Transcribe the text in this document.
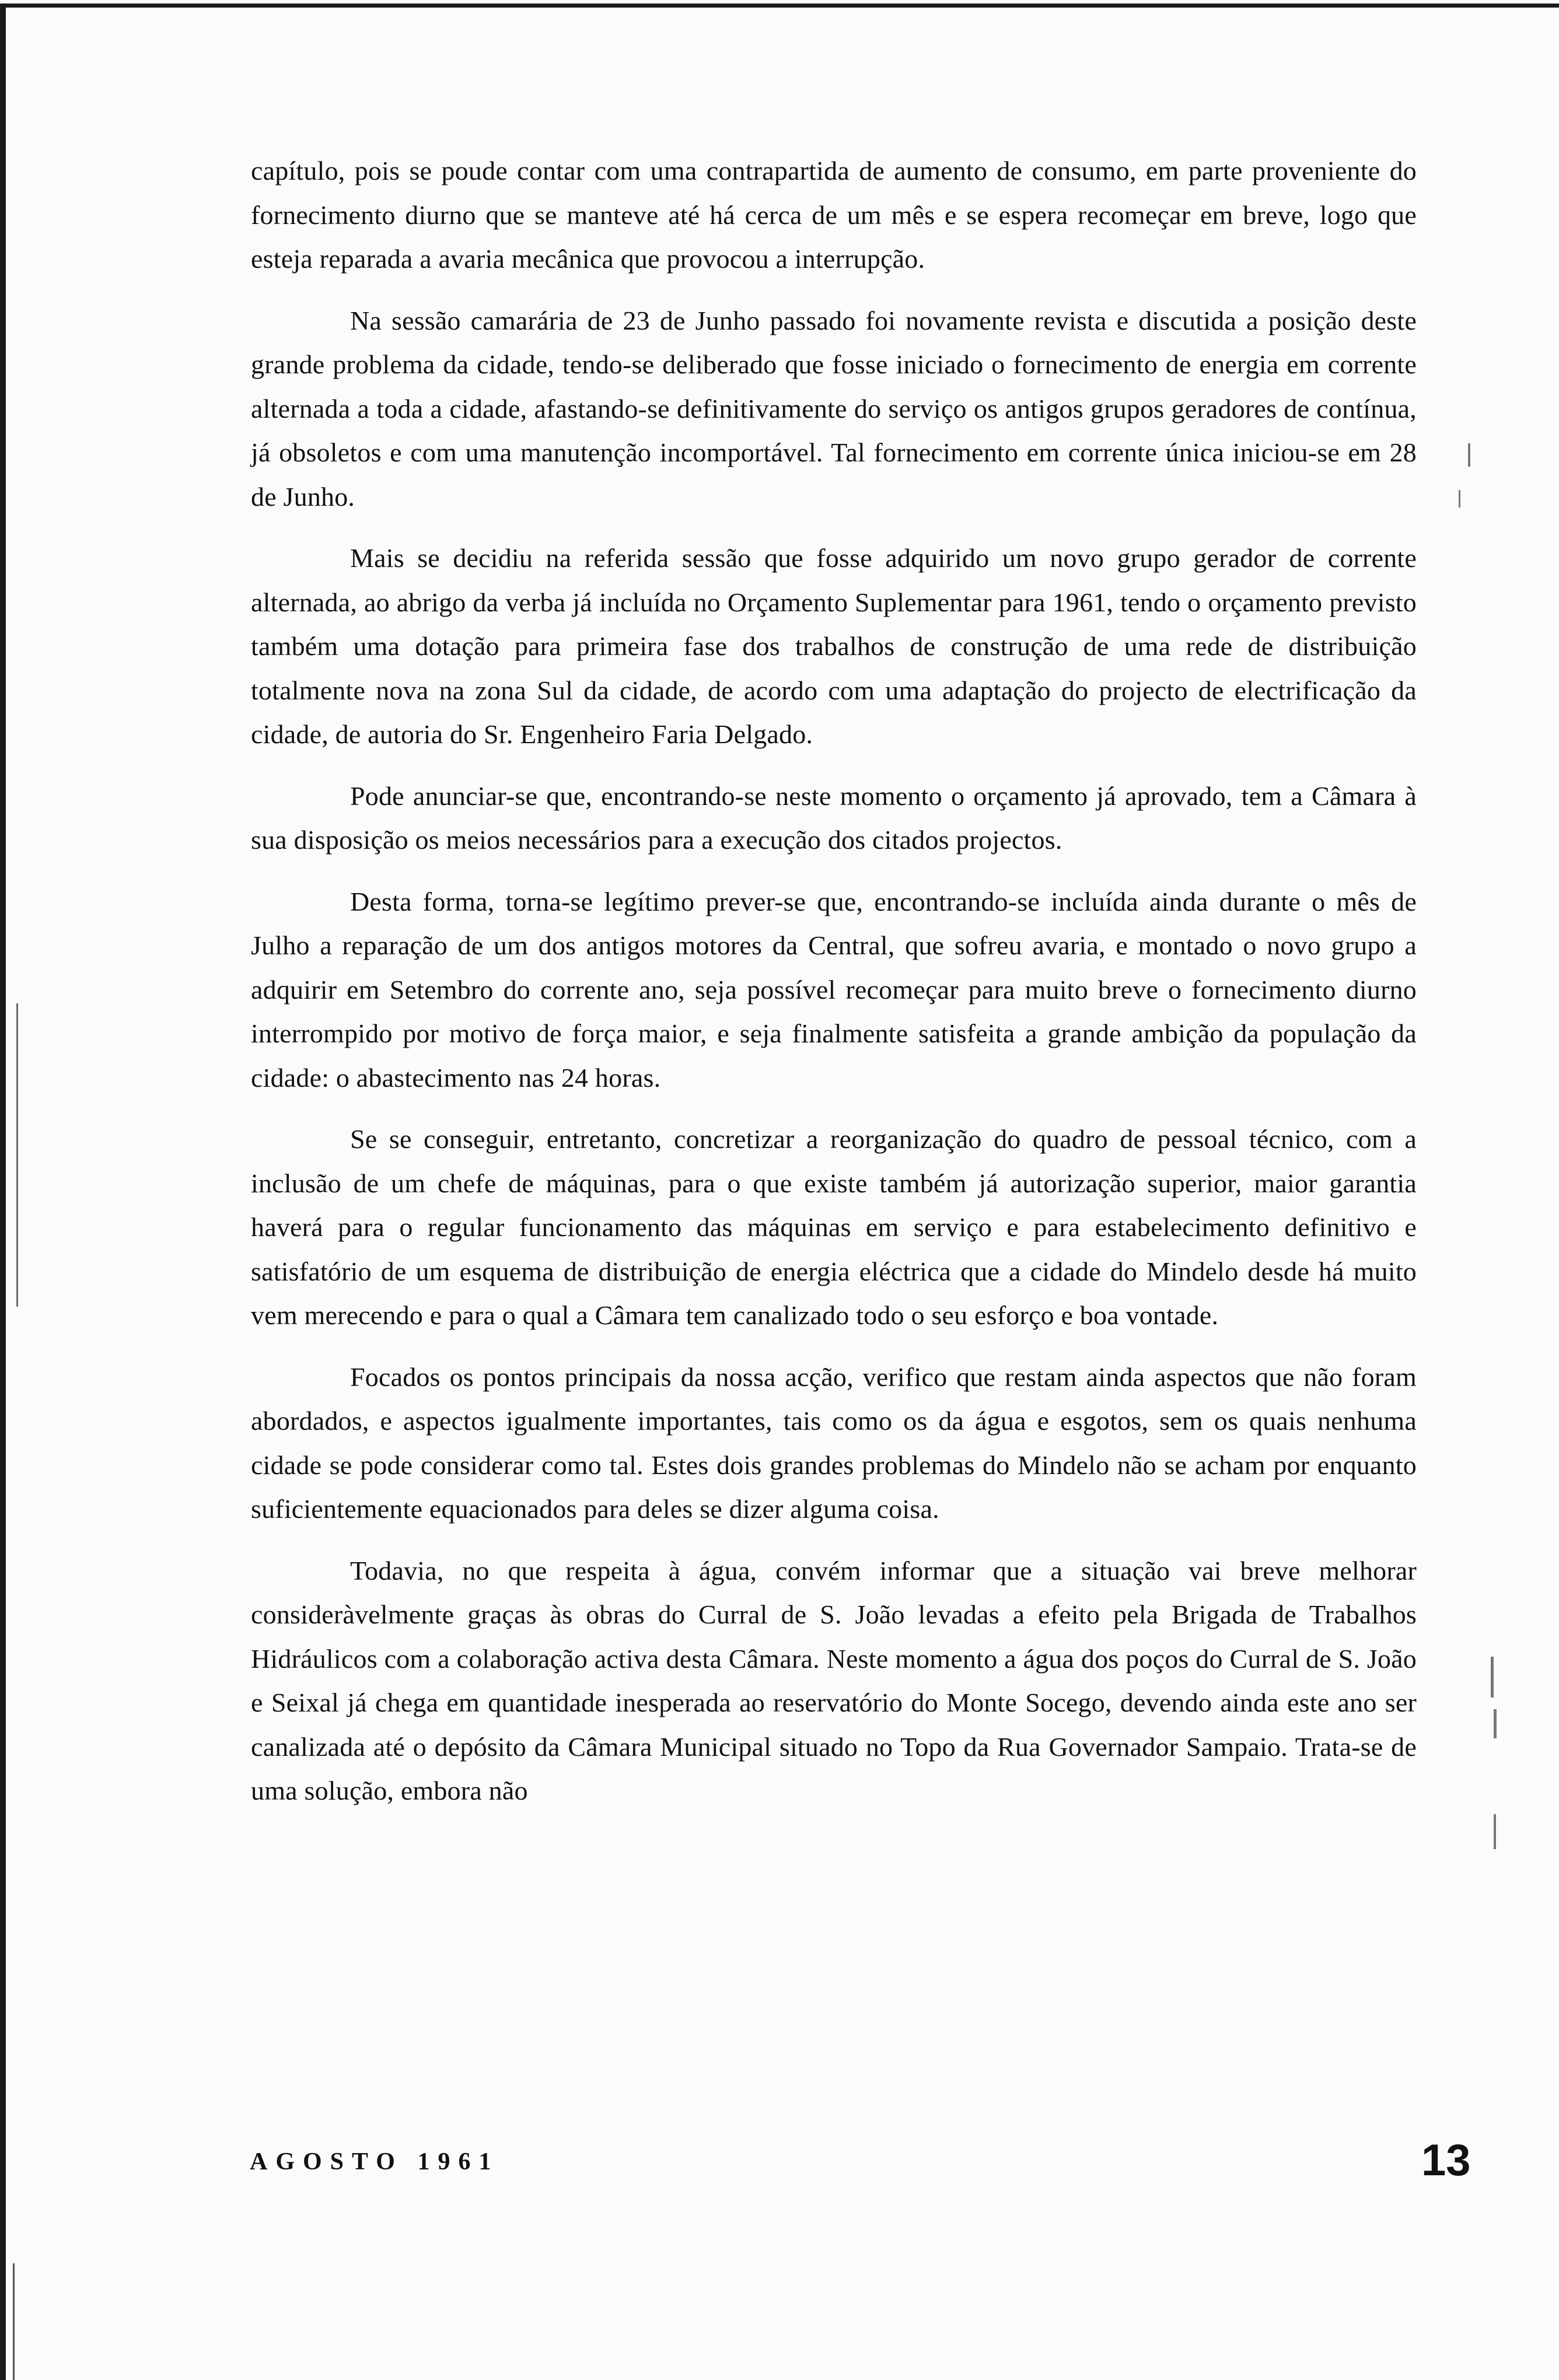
capítulo, pois se poude contar com uma contrapartida de aumento de consumo, em parte proveniente do fornecimento diurno que se manteve até há cerca de um mês e se espera recomeçar em breve, logo que esteja reparada a avaria mecânica que provocou a interrupção.

Na sessão camarária de 23 de Junho passado foi novamente revista e discutida a posição deste grande problema da cidade, tendo-se deliberado que fosse iniciado o fornecimento de energia em corrente alternada a toda a cidade, afastando-se definitivamente do serviço os antigos grupos geradores de contínua, já obsoletos e com uma manutenção incomportável. Tal fornecimento em corrente única iniciou-se em 28 de Junho.

Mais se decidiu na referida sessão que fosse adquirido um novo grupo gerador de corrente alternada, ao abrigo da verba já incluída no Orçamento Suplementar para 1961, tendo o orçamento previsto também uma dotação para primeira fase dos trabalhos de construção de uma rede de distribuição totalmente nova na zona Sul da cidade, de acordo com uma adaptação do projecto de electrificação da cidade, de autoria do Sr. Engenheiro Faria Delgado.

Pode anunciar-se que, encontrando-se neste momento o orçamento já aprovado, tem a Câmara à sua disposição os meios necessários para a execução dos citados projectos.

Desta forma, torna-se legítimo prever-se que, encontrando-se incluída ainda durante o mês de Julho a reparação de um dos antigos motores da Central, que sofreu avaria, e montado o novo grupo a adquirir em Setembro do corrente ano, seja possível recomeçar para muito breve o fornecimento diurno interrompido por motivo de força maior, e seja finalmente satisfeita a grande ambição da população da cidade: o abastecimento nas 24 horas.

Se se conseguir, entretanto, concretizar a reorganização do quadro de pessoal técnico, com a inclusão de um chefe de máquinas, para o que existe também já autorização superior, maior garantia haverá para o regular funcionamento das máquinas em serviço e para estabelecimento definitivo e satisfatório de um esquema de distribuição de energia eléctrica que a cidade do Mindelo desde há muito vem merecendo e para o qual a Câmara tem canalizado todo o seu esforço e boa vontade.

Focados os pontos principais da nossa acção, verifico que restam ainda aspectos que não foram abordados, e aspectos igualmente importantes, tais como os da água e esgotos, sem os quais nenhuma cidade se pode considerar como tal. Estes dois grandes problemas do Mindelo não se acham por enquanto suficientemente equacionados para deles se dizer alguma coisa.

Todavia, no que respeita à água, convém informar que a situação vai breve melhorar consideràvelmente graças às obras do Curral de S. João levadas a efeito pela Brigada de Trabalhos Hidráulicos com a colaboração activa desta Câmara. Neste momento a água dos poços do Curral de S. João e Seixal já chega em quantidade inesperada ao reservatório do Monte Socego, devendo ainda este ano ser canalizada até o depósito da Câmara Municipal situado no Topo da Rua Governador Sampaio. Trata-se de uma solução, embora não

AGOSTO 1961	13
